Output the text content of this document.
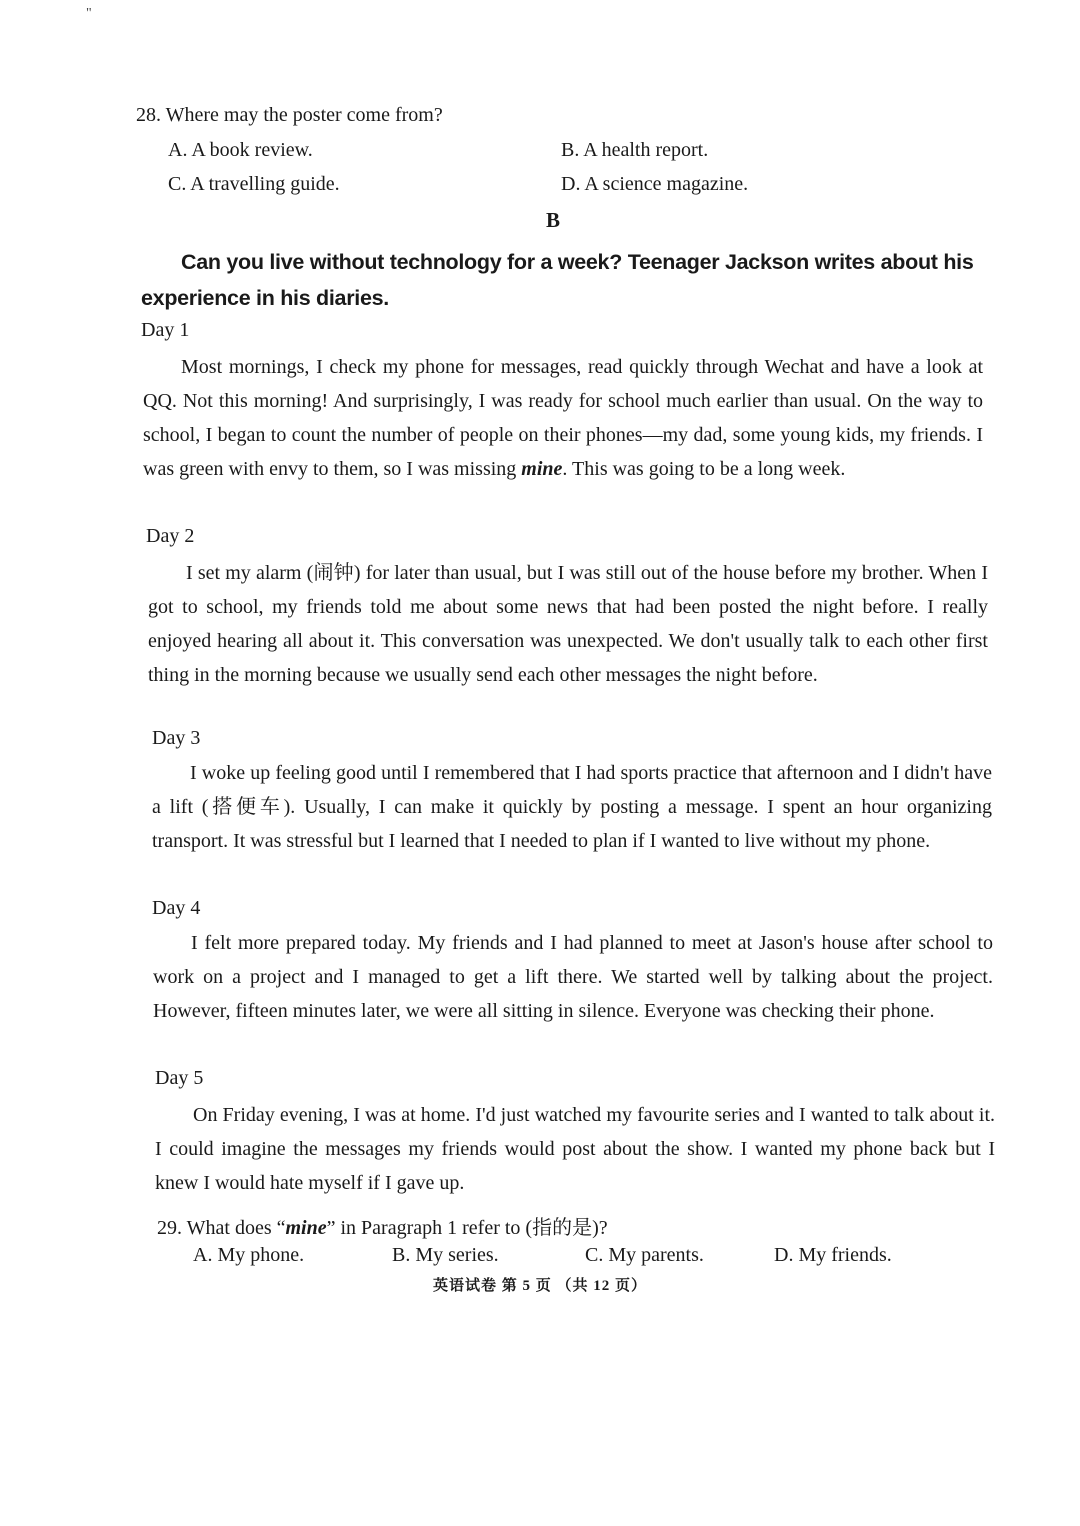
"
28. Where may the poster come from?
A. A book review.	B. A health report.
C. A travelling guide.	D. A science magazine.
B
Can you live without technology for a week? Teenager Jackson writes about his experience in his diaries.
Day 1
Most mornings, I check my phone for messages, read quickly through Wechat and have a look at QQ. Not this morning! And surprisingly, I was ready for school much earlier than usual. On the way to school, I began to count the number of people on their phones—my dad, some young kids, my friends. I was green with envy to them, so I was missing mine. This was going to be a long week.
Day 2
I set my alarm (闹钟) for later than usual, but I was still out of the house before my brother. When I got to school, my friends told me about some news that had been posted the night before. I really enjoyed hearing all about it. This conversation was unexpected. We don't usually talk to each other first thing in the morning because we usually send each other messages the night before.
Day 3
I woke up feeling good until I remembered that I had sports practice that afternoon and I didn't have a lift (搭便车). Usually, I can make it quickly by posting a message. I spent an hour organizing transport. It was stressful but I learned that I needed to plan if I wanted to live without my phone.
Day 4
I felt more prepared today. My friends and I had planned to meet at Jason's house after school to work on a project and I managed to get a lift there. We started well by talking about the project. However, fifteen minutes later, we were all sitting in silence. Everyone was checking their phone.
Day 5
On Friday evening, I was at home. I'd just watched my favourite series and I wanted to talk about it. I could imagine the messages my friends would post about the show. I wanted my phone back but I knew I would hate myself if I gave up.
29. What does “mine” in Paragraph 1 refer to (指的是)?
A. My phone.	B. My series.	C. My parents.	D. My friends.
英语试卷 第 5 页 （共 12 页）
